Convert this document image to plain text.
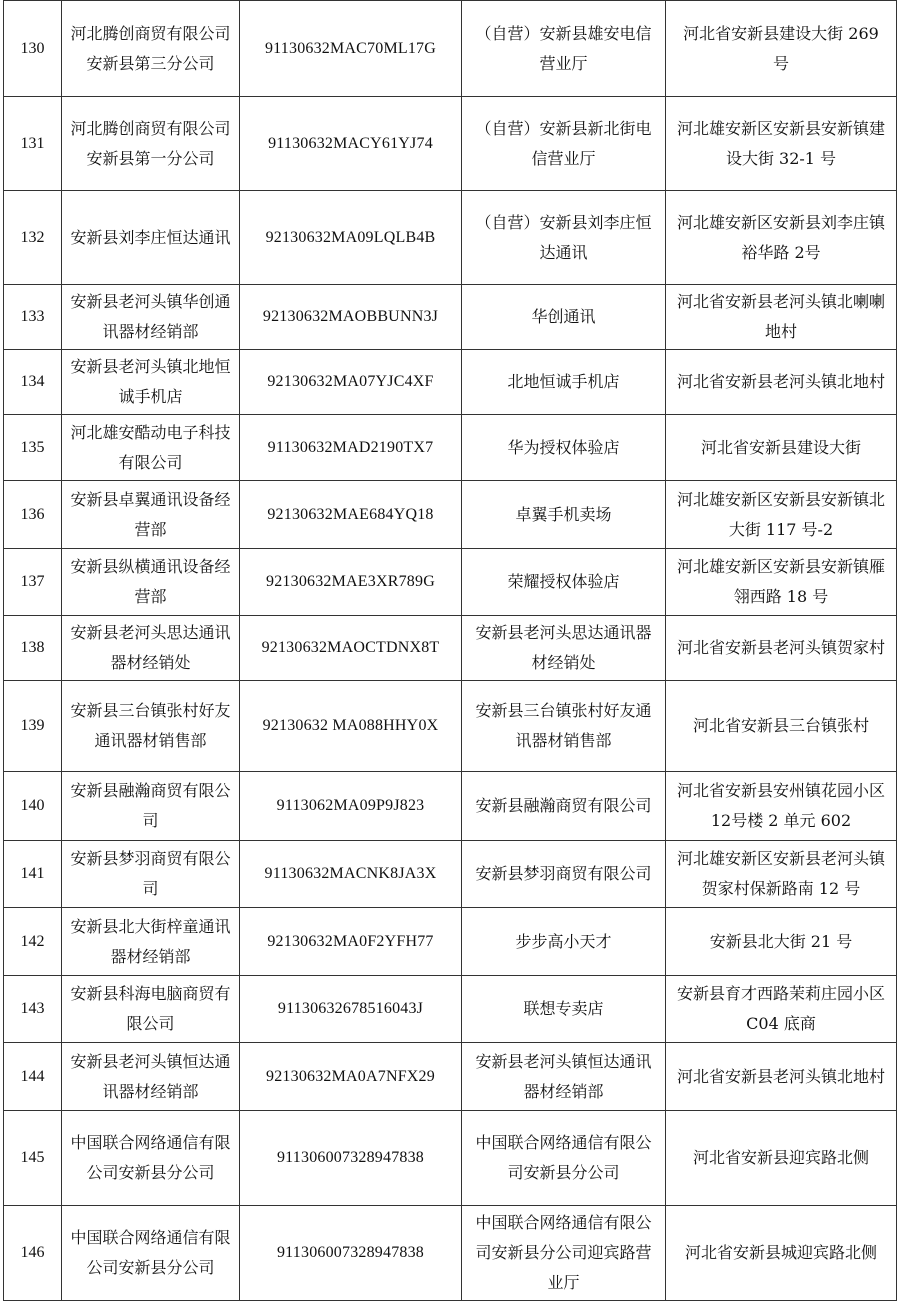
130	河北腾创商贸有限公司安新县第三分公司	91130632MAC70ML17G	（自营）安新县雄安电信营业厅	河北省安新县建设大街 269 号
131	河北腾创商贸有限公司安新县第一分公司	91130632MACY61YJ74	（自营）安新县新北街电信营业厅	河北雄安新区安新县安新镇建设大街 32-1 号
132	安新县刘李庄恒达通讯	92130632MA09LQLB4B	（自营）安新县刘李庄恒达通讯	河北雄安新区安新县刘李庄镇裕华路 2号
133	安新县老河头镇华创通讯器材经销部	92130632MAOBBUNN3J	华创通讯	河北省安新县老河头镇北喇喇地村
134	安新县老河头镇北地恒诚手机店	92130632MA07YJC4XF	北地恒诚手机店	河北省安新县老河头镇北地村
135	河北雄安酷动电子科技有限公司	91130632MAD2190TX7	华为授权体验店	河北省安新县建设大街
136	安新县卓翼通讯设备经营部	92130632MAE684YQ18	卓翼手机卖场	河北雄安新区安新县安新镇北大街 117 号-2
137	安新县纵横通讯设备经营部	92130632MAE3XR789G	荣耀授权体验店	河北雄安新区安新县安新镇雁翎西路 18 号
138	安新县老河头思达通讯器材经销处	92130632MAOCTDNX8T	安新县老河头思达通讯器材经销处	河北省安新县老河头镇贺家村
139	安新县三台镇张村好友通讯器材销售部	92130632 MA088HHY0X	安新县三台镇张村好友通讯器材销售部	河北省安新县三台镇张村
140	安新县融瀚商贸有限公司	9113062MA09P9J823	安新县融瀚商贸有限公司	河北省安新县安州镇花园小区 12号楼 2 单元 602
141	安新县梦羽商贸有限公司	91130632MACNK8JA3X	安新县梦羽商贸有限公司	河北雄安新区安新县老河头镇贺家村保新路南 12 号
142	安新县北大街梓童通讯器材经销部	92130632MA0F2YFH77	步步高小天才	安新县北大街 21 号
143	安新县科海电脑商贸有限公司	91130632678516043J	联想专卖店	安新县育才西路茉莉庄园小区 C04 底商
144	安新县老河头镇恒达通讯器材经销部	92130632MA0A7NFX29	安新县老河头镇恒达通讯器材经销部	河北省安新县老河头镇北地村
145	中国联合网络通信有限公司安新县分公司	911306007328947838	中国联合网络通信有限公司安新县分公司	河北省安新县迎宾路北侧
146	中国联合网络通信有限公司安新县分公司	911306007328947838	中国联合网络通信有限公司安新县分公司迎宾路营业厅	河北省安新县城迎宾路北侧
